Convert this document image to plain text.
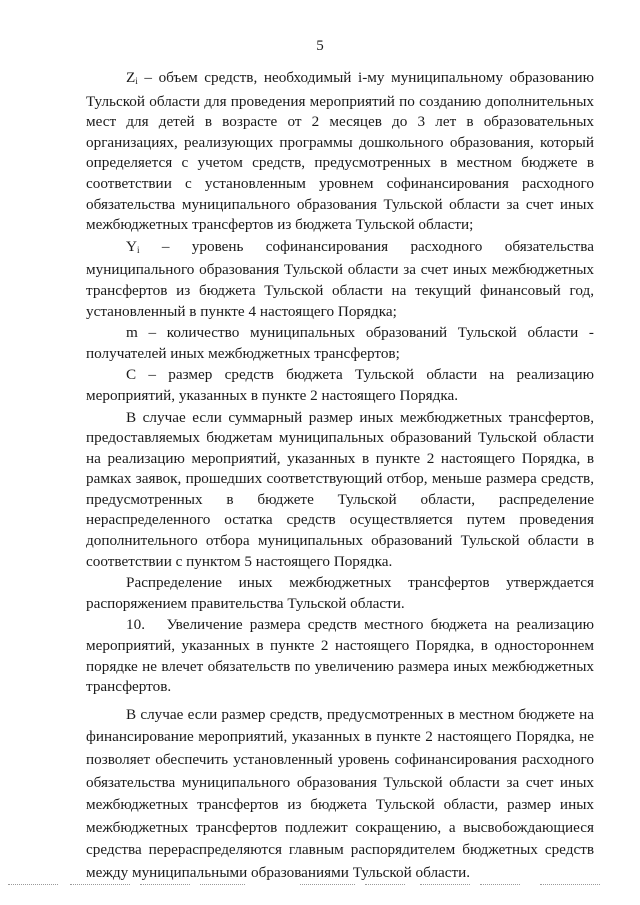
5

$Z_i$ – объем средств, необходимый i-му муниципальному образованию Тульской области для проведения мероприятий по созданию дополнительных мест для детей в возрасте от 2 месяцев до 3 лет в образовательных организациях, реализующих программы дошкольного образования, который определяется с учетом средств, предусмотренных в местном бюджете в соответствии с установленным уровнем софинансирования расходного обязательства муниципального образования Тульской области за счет иных межбюджетных трансфертов из бюджета Тульской области;

$Y_i$ – уровень софинансирования расходного обязательства муниципального образования Тульской области за счет иных межбюджетных трансфертов из бюджета Тульской области на текущий финансовый год, установленный в пункте 4 настоящего Порядка;

m – количество муниципальных образований Тульской области - получателей иных межбюджетных трансфертов;

С – размер средств бюджета Тульской области на реализацию мероприятий, указанных в пункте 2 настоящего Порядка.

В случае если суммарный размер иных межбюджетных трансфертов, предоставляемых бюджетам муниципальных образований Тульской области на реализацию мероприятий, указанных в пункте 2 настоящего Порядка, в рамках заявок, прошедших соответствующий отбор, меньше размера средств, предусмотренных в бюджете Тульской области, распределение нераспределенного остатка средств осуществляется путем проведения дополнительного отбора муниципальных образований Тульской области в соответствии с пунктом 5 настоящего Порядка.

Распределение иных межбюджетных трансфертов утверждается распоряжением правительства Тульской области.

10.   Увеличение размера средств местного бюджета на реализацию мероприятий, указанных в пункте 2 настоящего Порядка, в одностороннем порядке не влечет обязательств по увеличению размера иных межбюджетных трансфертов.

В случае если размер средств, предусмотренных в местном бюджете на финансирование мероприятий, указанных в пункте 2 настоящего Порядка, не позволяет обеспечить установленный уровень софинансирования расходного обязательства муниципального образования Тульской области за счет иных межбюджетных трансфертов из бюджета Тульской области, размер иных межбюджетных трансфертов подлежит сокращению, а высвобождающиеся средства перераспределяются главным распорядителем бюджетных средств между муниципальными образованиями Тульской области.
